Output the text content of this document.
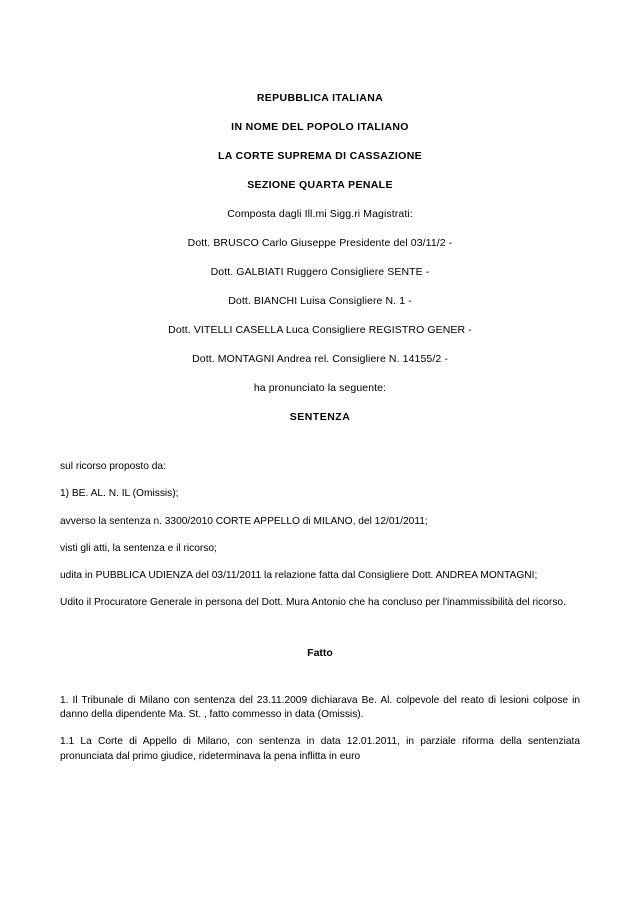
REPUBBLICA ITALIANA
IN NOME DEL POPOLO ITALIANO
LA CORTE SUPREMA DI CASSAZIONE
SEZIONE QUARTA PENALE
Composta dagli Ill.mi Sigg.ri Magistrati:
Dott. BRUSCO Carlo Giuseppe Presidente del 03/11/2 -
Dott. GALBIATI Ruggero Consigliere SENTE -
Dott. BIANCHI Luisa Consigliere N. 1 -
Dott. VITELLI CASELLA Luca Consigliere REGISTRO GENER -
Dott. MONTAGNI Andrea rel. Consigliere N. 14155/2 -
ha pronunciato la seguente:
SENTENZA

sul ricorso proposto da:

1) BE. AL. N. IL (Omissis);

avverso la sentenza n. 3300/2010 CORTE APPELLO di MILANO, del 12/01/2011;

visti gli atti, la sentenza e il ricorso;

udita in PUBBLICA UDIENZA del 03/11/2011 la relazione fatta dal Consigliere Dott. ANDREA MONTAGNI;

Udito il Procuratore Generale in persona del Dott. Mura Antonio che ha concluso per l'inammissibilità del ricorso.

Fatto

1. Il Tribunale di Milano con sentenza del 23.11.2009 dichiarava Be. Al. colpevole del reato di lesioni colpose in danno della dipendente Ma. St. , fatto commesso in data (Omissis).

1.1 La Corte di Appello di Milano, con sentenza in data 12.01.2011, in parziale riforma della sentenziata pronunciata dal primo giudice, rideterminava la pena inflitta in euro
